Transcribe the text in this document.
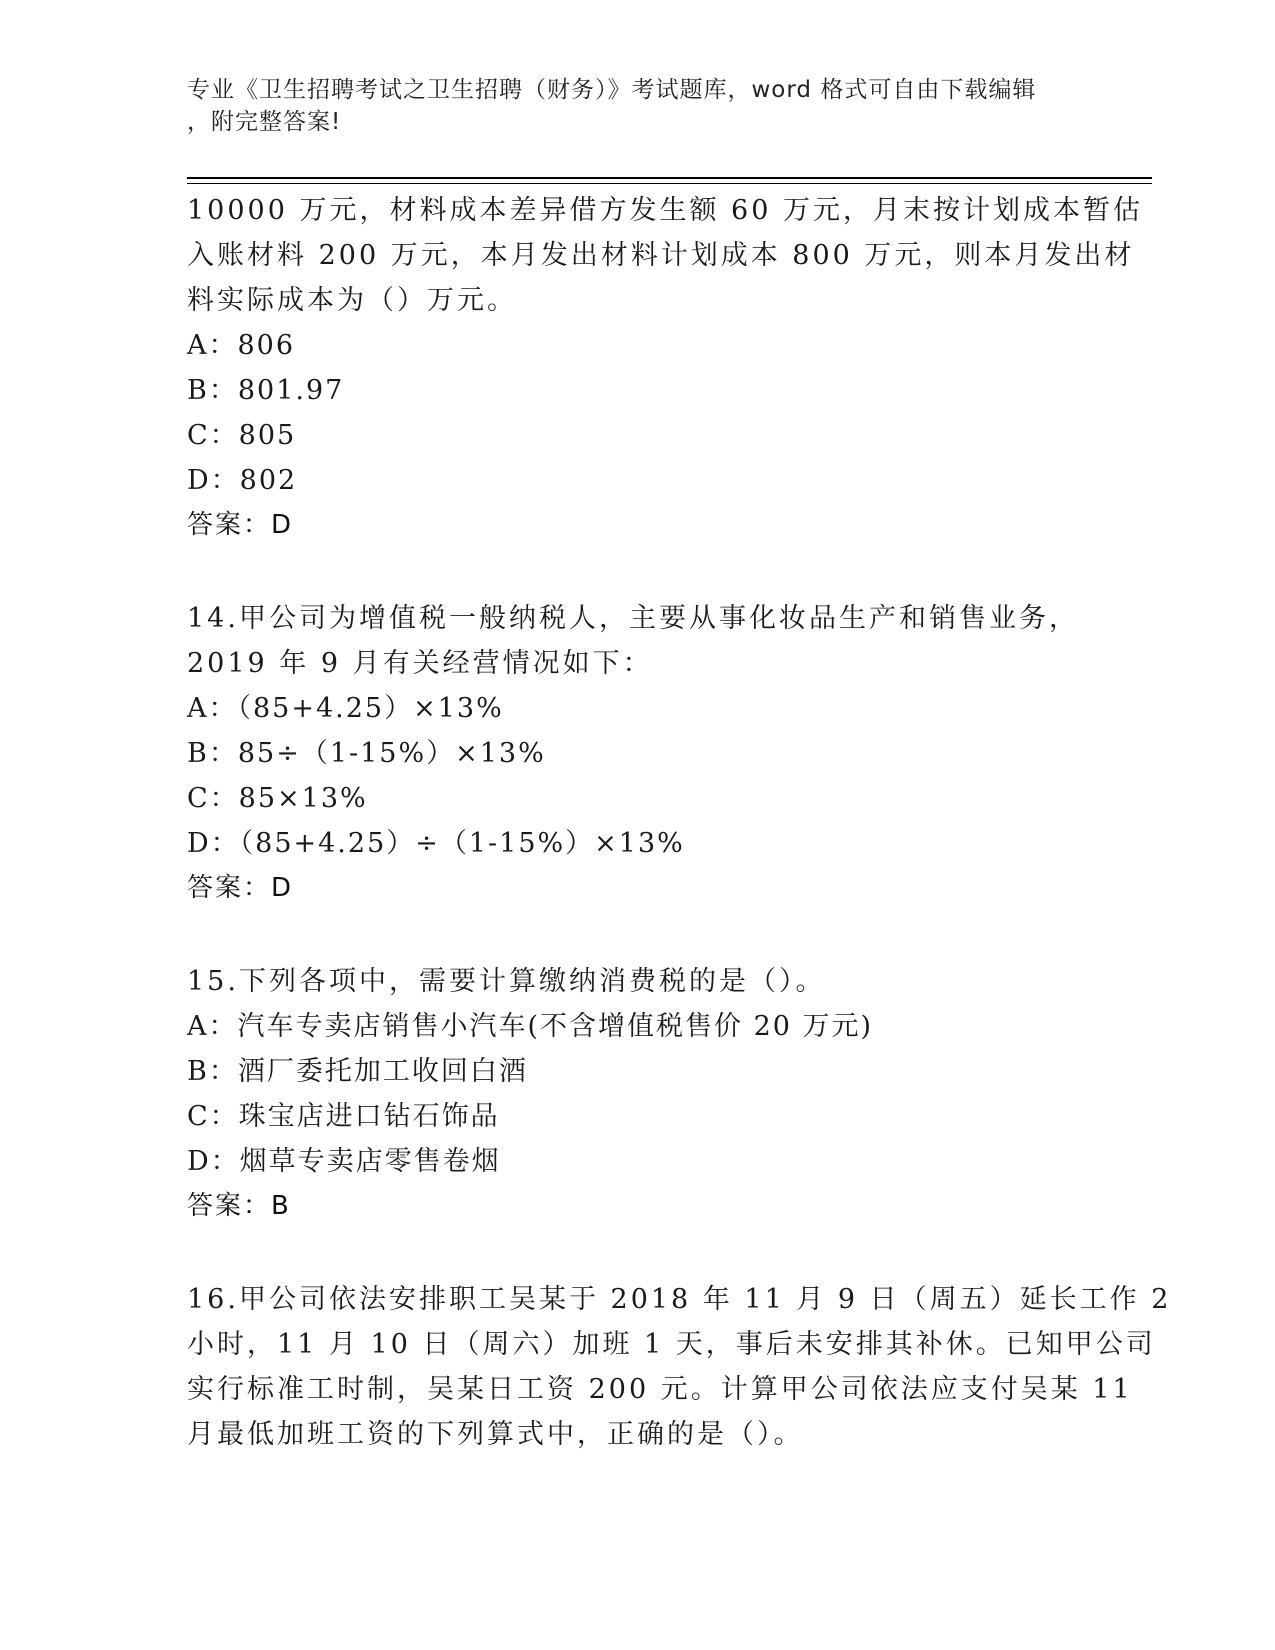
专业《卫生招聘考试之卫生招聘（财务）》考试题库，word 格式可自由下载编辑
，附完整答案!
10000 万元，材料成本差异借方发生额 60 万元，月末按计划成本暂估
入账材料 200 万元，本月发出材料计划成本 800 万元，则本月发出材
料实际成本为（）万元。
A：806
B：801.97
C：805
D：802
答案：D
14.甲公司为增值税一般纳税人，主要从事化妆品生产和销售业务，
2019 年 9 月有关经营情况如下：
A：（85+4.25）×13%
B：85÷（1-15%）×13%
C：85×13%
D：（85+4.25）÷（1-15%）×13%
答案：D
15.下列各项中，需要计算缴纳消费税的是（）。
A：汽车专卖店销售小汽车(不含增值税售价 20 万元)
B：酒厂委托加工收回白酒
C：珠宝店进口钻石饰品
D：烟草专卖店零售卷烟
答案：B
16.甲公司依法安排职工吴某于 2018 年 11 月 9 日（周五）延长工作 2
小时，11 月 10 日（周六）加班 1 天，事后未安排其补休。已知甲公司
实行标准工时制，吴某日工资 200 元。计算甲公司依法应支付吴某 11
月最低加班工资的下列算式中，正确的是（）。
